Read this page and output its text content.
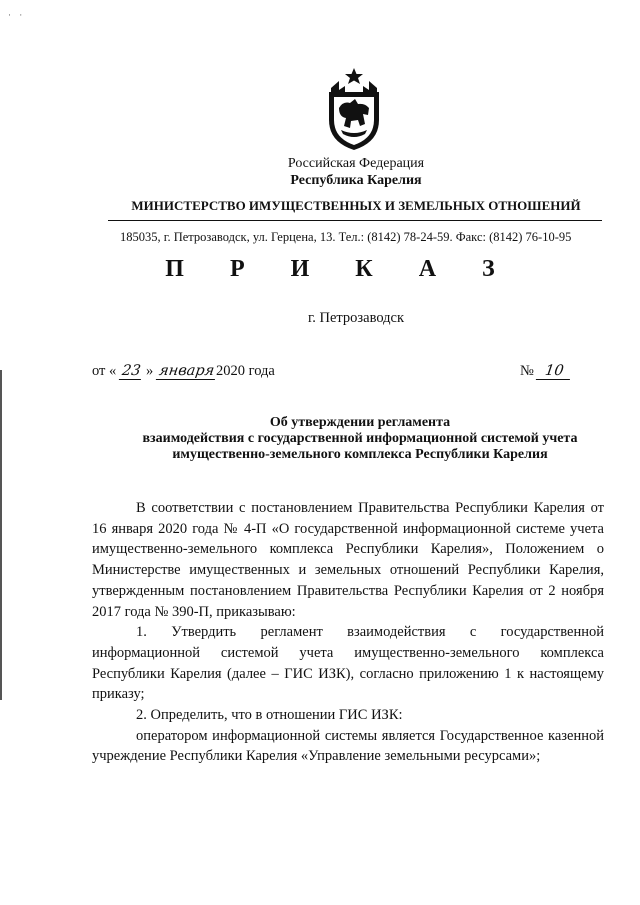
· ·
Российская Федерация
Республика Карелия
МИНИСТЕРСТВО ИМУЩЕСТВЕННЫХ И ЗЕМЕЛЬНЫХ ОТНОШЕНИЙ
185035, г. Петрозаводск, ул. Герцена, 13. Тел.: (8142) 78-24-59. Факс: (8142) 76-10-95
П Р И К А З
г. Петрозаводск
от « 23 » января2020 года	№ 10
Об утверждении регламента
взаимодействия с государственной информационной системой учета
имущественно-земельного комплекса Республики Карелия

В соответствии с постановлением Правительства Республики Карелия от 16 января 2020 года № 4-П «О государственной информационной системе учета имущественно-земельного комплекса Республики Карелия», Положением о Министерстве имущественных и земельных отношений Республики Карелия, утвержденным постановлением Правительства Республики Карелия от 2 ноября 2017 года № 390-П, приказываю:

1. Утвердить регламент взаимодействия с государственной информационной системой учета имущественно-земельного комплекса Республики Карелия (далее – ГИС ИЗК), согласно приложению 1 к настоящему приказу;

2. Определить, что в отношении ГИС ИЗК:

оператором информационной системы является Государственное казенной учреждение Республики Карелия «Управление земельными ресурсами»;
